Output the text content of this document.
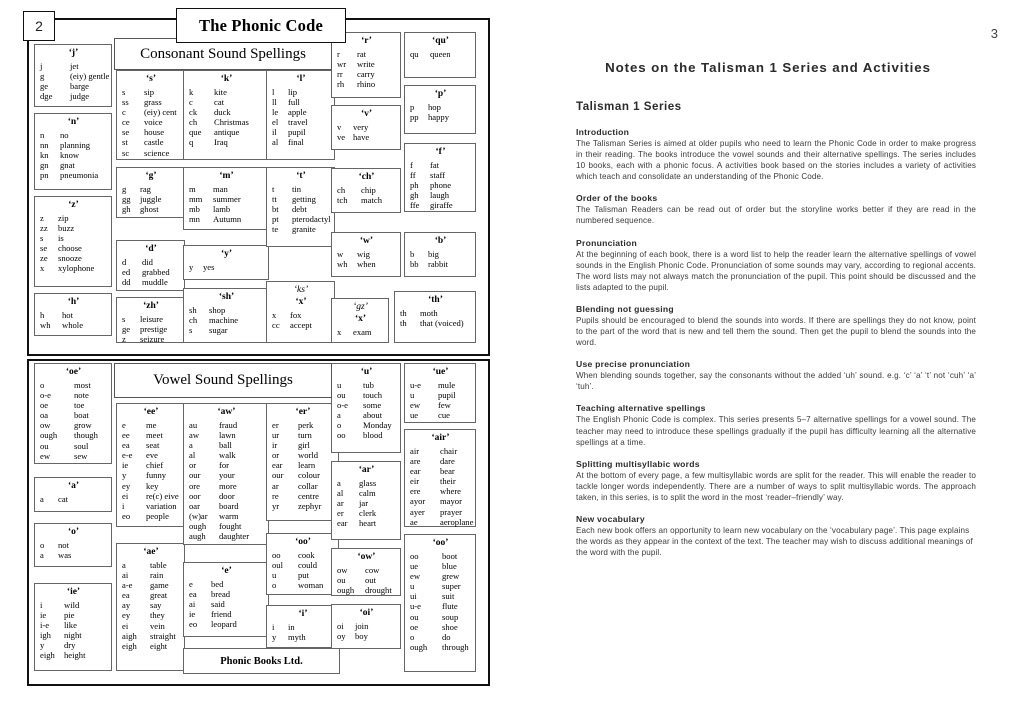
2	The Phonic Code
Consonant Sound Spellings
Vowel Sound Spellings
‘j’
j	jet
g	(eiy) gentle
ge	barge
dge	judge
‘n’
n	no
nn	planning
kn	know
gn	gnat
pn	pneumonia
‘z’
z	zip
zz	buzz
s	is
se	choose
ze	snooze
x	xylophone
‘h’
h	hot
wh	whole
‘s’
s	sip
ss	grass
c	(eiy) cent
ce	voice
se	house
st	castle
sc	science
‘g’
g	rag
gg	juggle
gh	ghost
‘d’
d	did
ed	grabbed
dd	muddle
‘zh’
s	leisure
ge	prestige
z	seizure
‘k’
k	kite
c	cat
ck	duck
ch	Christmas
que	antique
q	Iraq
‘m’
m	man
mm	summer
mb	lamb
mn	Autumn
‘y’
y	yes
‘sh’
sh	shop
ch	machine
s	sugar
‘l’
l	lip
ll	full
le	apple
el	travel
il	pupil
al	final
‘t’
t	tin
tt	getting
bt	debt
pt	pterodactyl
te	granite
‘ks’
‘x’
x	fox
cc	accept
‘r’
r	rat
wr	write
rr	carry
rh	rhino
‘v’
v	very
ve have
‘ch’
ch	chip
tch	match
‘w’
w	wig
wh	when
‘gz’
‘x’
x	exam
‘qu’
qu	queen
‘p’
p	hop
pp	happy
‘f’
f	fat
ff	staff
ph	phone
gh	laugh
ffe	giraffe
‘b’
b	big
bb	rabbit
‘th’
th	moth
th	that (voiced)
‘oe’
o	most
o-e	note
oe	toe
oa	boat
ow	grow
ough	though
ou	soul
ew	sew
‘a’
a	cat
‘o’
o	not
a	was
‘ie’
i	wild
ie	pie
i-e	like
igh	night
y	dry
eigh	height
‘ee’
e	me
ee	meet
ea	seat
e-e	eve
ie	chief
y	funny
ey	key
ei	re(c) eive
i	variation
eo	people
‘ae’
a	table
ai	rain
a-e	game
ea	great
ay	say
ey	they
ei	vein
aigh	straight
eigh	eight
‘aw’
au	fraud
aw	lawn
a	ball
al	walk
or	for
our	your
ore	more
oor	door
oar	board
(w)ar	warm
ough	fought
augh	daughter
‘e’
e	bed
ea	bread
ai	said
ie	friend
eo	leopard
‘er’
er	perk
ur	turn
ir	girl
or	world
ear	learn
our	colour
ar	collar
re	centre
yr	zephyr
‘oo’
oo	cook
oul	could
u	put
o	woman
‘i’
i	in
y	myth
‘u’
u	tub
ou	touch
o-e	some
a	about
o	Monday
oo	blood
‘ar’
a	glass
al	calm
ar	jar
er	clerk
ear	heart
‘ow’
ow	cow
ou	out
ough	drought
‘oi’
oi	join
oy	boy
‘ue’
u-e	mule
u	pupil
ew	few
ue	cue
‘air’
air	chair
are	dare
ear	bear
eir	their
ere	where
ayor	mayor
ayer	prayer
ae	aeroplane
‘oo’
oo	boot
ue	blue
ew	grew
u	super
ui	suit
u-e	flute
ou	soup
oe	shoe
o	do
ough	through
Phonic Books Ltd.
3
Notes on the Talisman 1 Series and Activities
Talisman 1 Series
Introduction

The Talisman Series is aimed at older pupils who need to learn the Phonic Code in order to make progress in their reading. The books introduce the vowel sounds and their alternative spellings. The series includes 10 books, each with a phonic focus. A activities book based on the stories includes a variety of activities which teach and consolidate an understanding of the Phonic Code.

Order of the books

The Talisman Readers can be read out of order but the storyline works better if they are read in the numbered sequence.

Pronunciation

At the beginning of each book, there is a word list to help the reader learn the alternative spellings of vowel sounds in the English Phonic Code. Pronunciation of some sounds may vary, according to regional accents. The word lists may not always match the pronunciation of the pupil. This point should be discussed and the lists adapted to the pupil.

Blending not guessing

Pupils should be encouraged to blend the sounds into words. If there are spellings they do not know, point to the part of the word that is new and tell them the sound. Then get the pupil to blend the sounds into the word.

Use precise pronunciation

When blending sounds together, say the consonants without the added ‘uh’ sound. e.g. ‘c’ ‘a’ ‘t’ not ‘cuh’ ‘a’ ‘tuh’.

Teaching alternative spellings

The English Phonic Code is complex. This series presents 5–7 alternative spellings for a vowel sound. The teacher may need to introduce these spellings gradually if the pupil has difficulty learning all the alternative spellings at a time.

Splitting multisyllabic words

At the bottom of every page, a few multisyllabic words are split for the reader. This will enable the reader to tackle longer words independently. There are a number of ways to split multisyllabic words. The approach taken, in this series, is to split the word in the most ‘reader–friendly’ way.

New vocabulary

Each new book offers an opportunity to learn new vocabulary on the ‘vocabulary page’. This page explains the words as they appear in the context of the text. The teacher may wish to discuss additional meanings of the word with the pupil.
